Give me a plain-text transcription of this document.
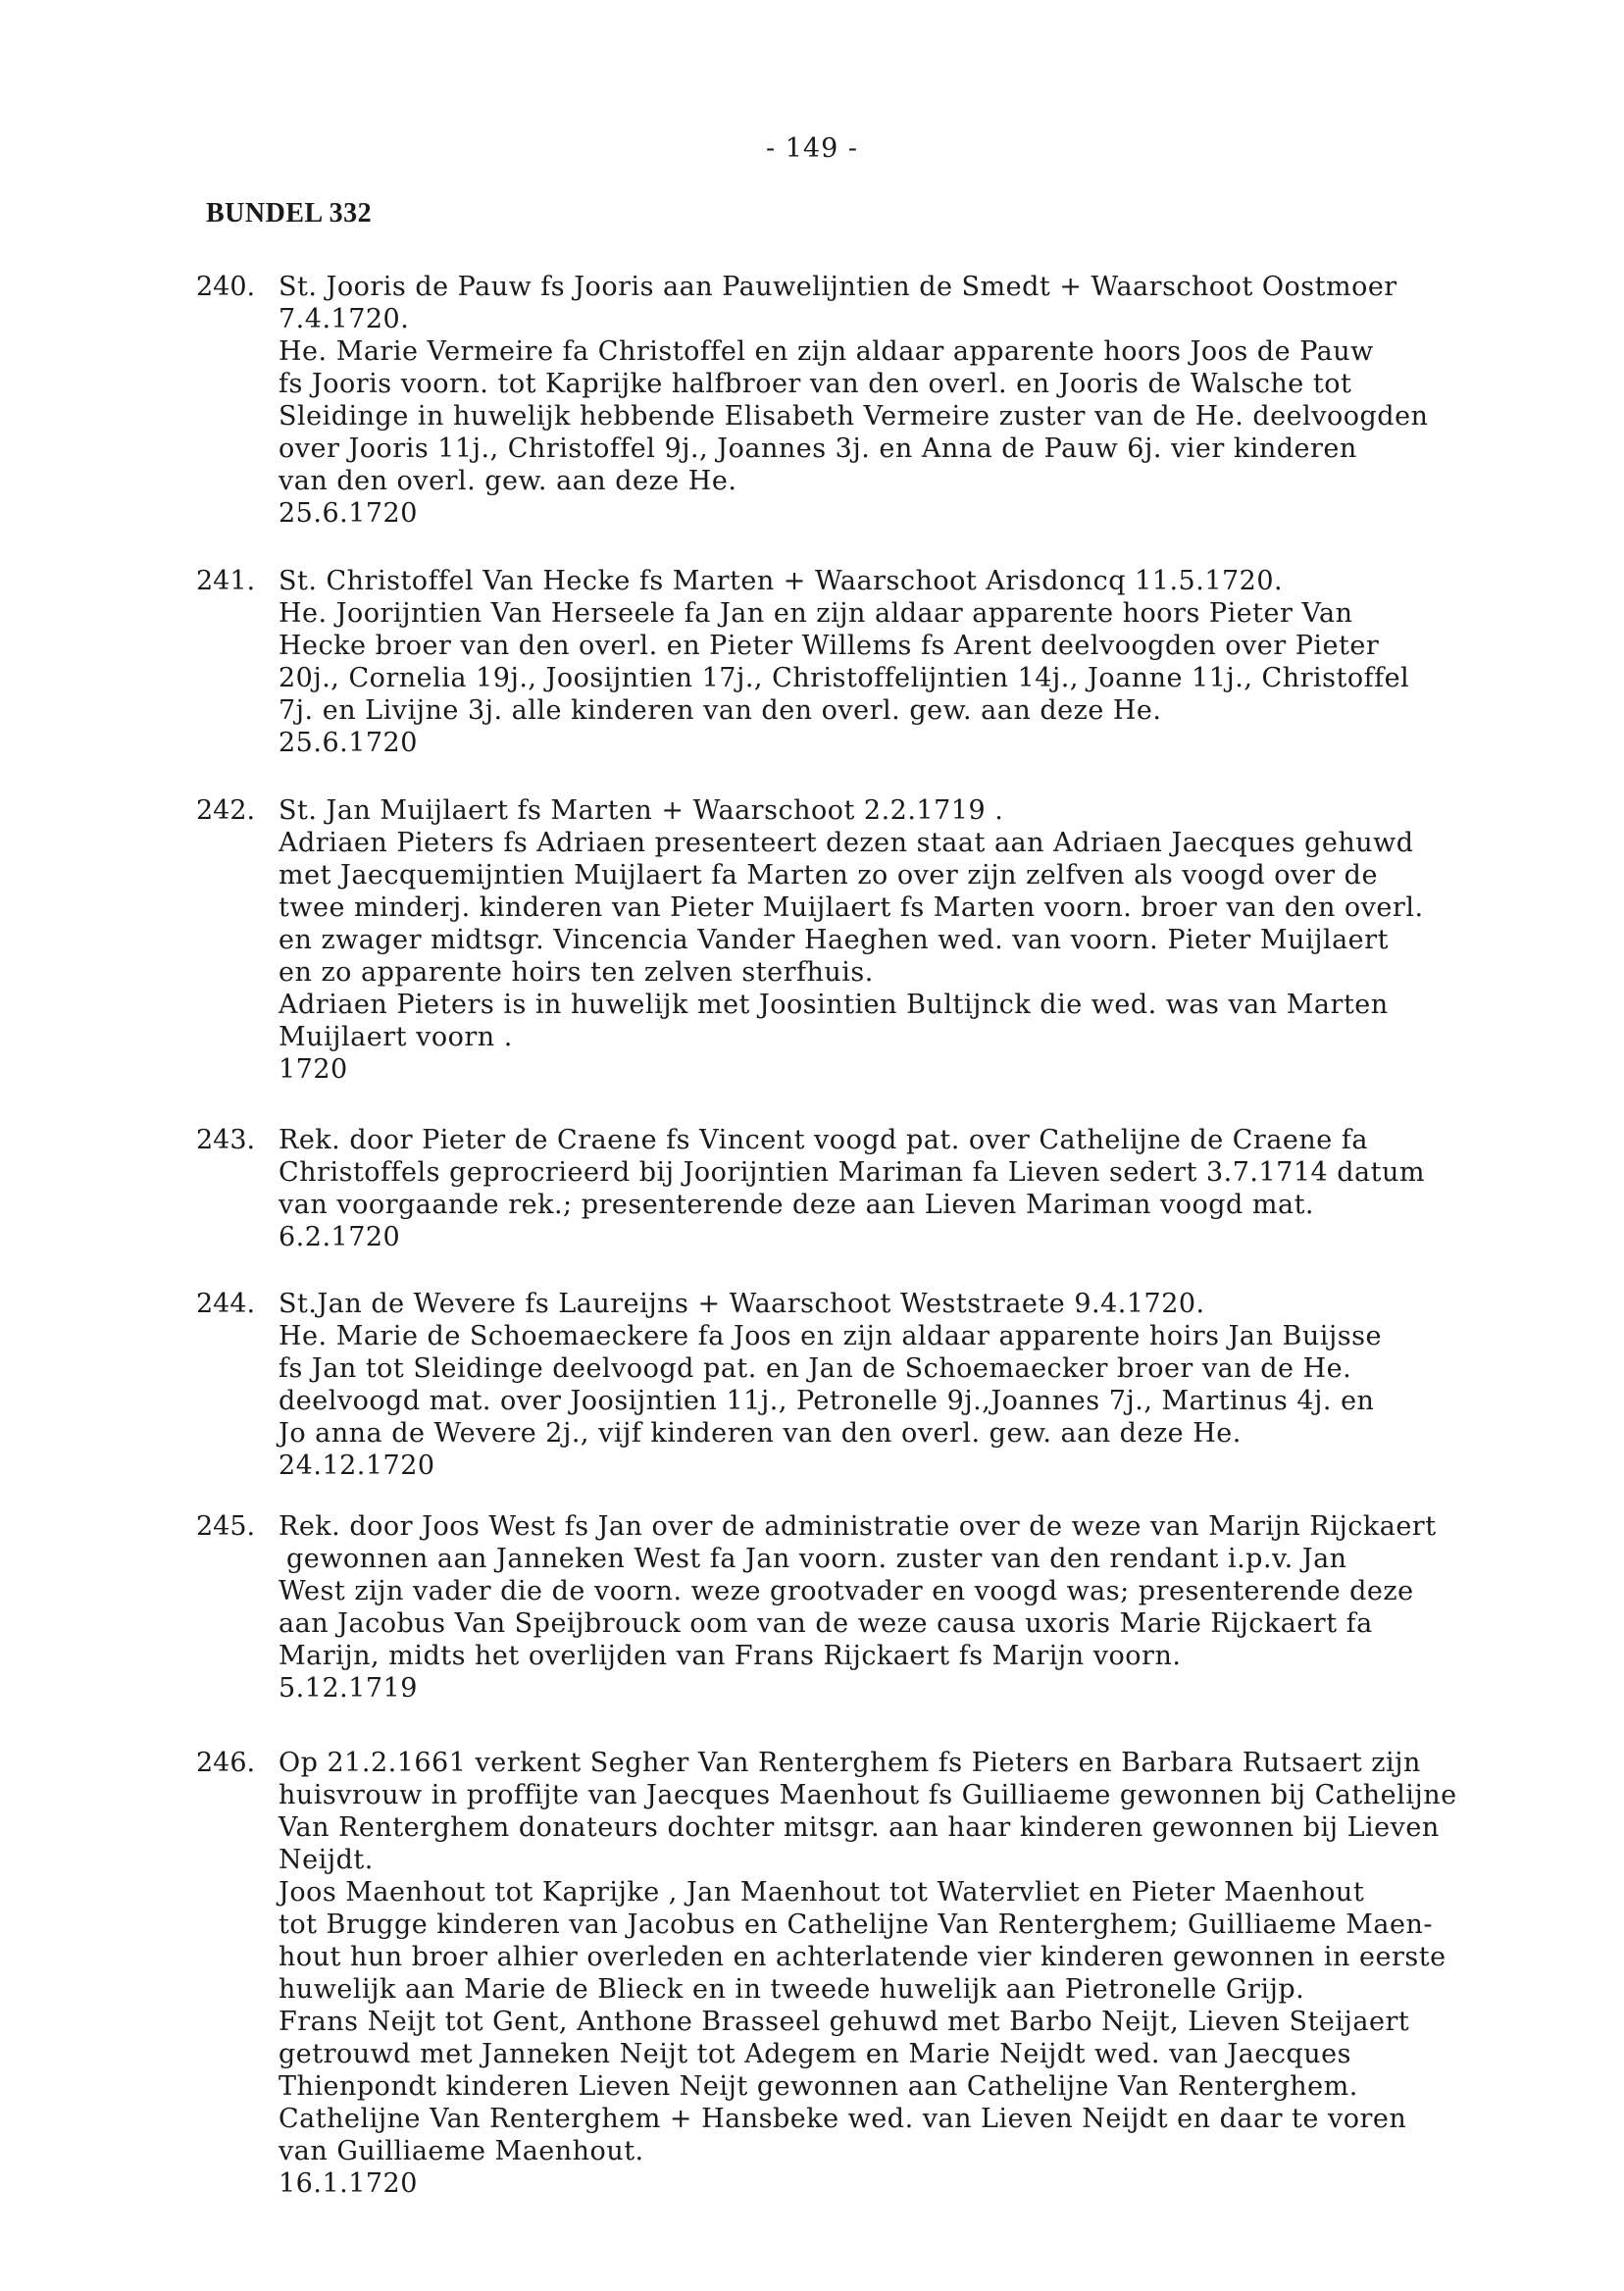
- 149 -
BUNDEL 332
240. St. Jooris de Pauw fs Jooris aan Pauwelijntien de Smedt + Waarschoot Oostmoer
7.4.1720.
He. Marie Vermeire fa Christoffel en zijn aldaar apparente hoors Joos de Pauw
fs Jooris voorn. tot Kaprijke halfbroer van den overl. en Jooris de Walsche tot
Sleidinge in huwelijk hebbende Elisabeth Vermeire zuster van de He. deelvoogden
over Jooris 11j., Christoffel 9j., Joannes 3j. en Anna de Pauw 6j. vier kinderen
van den overl. gew. aan deze He.
25.6.1720
241. St. Christoffel Van Hecke fs Marten + Waarschoot Arisdoncq 11.5.1720.
He. Joorijntien Van Herseele fa Jan en zijn aldaar apparente hoors Pieter Van
Hecke broer van den overl. en Pieter Willems fs Arent deelvoogden over Pieter
20j., Cornelia 19j., Joosijntien 17j., Christoffelijntien 14j., Joanne 11j., Christoffel
7j. en Livijne 3j. alle kinderen van den overl. gew. aan deze He.
25.6.1720
242. St. Jan Muijlaert fs Marten + Waarschoot 2.2.1719 .
Adriaen Pieters fs Adriaen presenteert dezen staat aan Adriaen Jaecques gehuwd
met Jaecquemijntien Muijlaert fa Marten zo over zijn zelfven als voogd over de
twee minderj. kinderen van Pieter Muijlaert fs Marten voorn. broer van den overl.
en zwager midtsgr. Vincencia Vander Haeghen wed. van voorn. Pieter Muijlaert
en zo apparente hoirs ten zelven sterfhuis.
Adriaen Pieters is in huwelijk met Joosintien Bultijnck die wed. was van Marten
Muijlaert voorn .
1720
243. Rek. door Pieter de Craene fs Vincent voogd pat. over Cathelijne de Craene fa
Christoffels geprocrieerd bij Joorijntien Mariman fa Lieven sedert 3.7.1714 datum
van voorgaande rek.; presenterende deze aan Lieven Mariman voogd mat.
6.2.1720
244. St.Jan de Wevere fs Laureijns + Waarschoot Weststraete 9.4.1720.
He. Marie de Schoemaeckere fa Joos en zijn aldaar apparente hoirs Jan Buijsse
fs Jan tot Sleidinge deelvoogd pat. en Jan de Schoemaecker broer van de He.
deelvoogd mat. over Joosijntien 11j., Petronelle 9j.,Joannes 7j., Martinus 4j. en
Jo anna de Wevere 2j., vijf kinderen van den overl. gew. aan deze He.
24.12.1720
245. Rek. door Joos West fs Jan over de administratie over de weze van Marijn Rijckaert
gewonnen aan Janneken West fa Jan voorn. zuster van den rendant i.p.v. Jan
West zijn vader die de voorn. weze grootvader en voogd was; presenterende deze
aan Jacobus Van Speijbrouck oom van de weze causa uxoris Marie Rijckaert fa
Marijn, midts het overlijden van Frans Rijckaert fs Marijn voorn.
5.12.1719
246. Op 21.2.1661 verkent Segher Van Renterghem fs Pieters en Barbara Rutsaert zijn
huisvrouw in proffijte van Jaecques Maenhout fs Guilliaeme gewonnen bij Cathelijne
Van Renterghem donateurs dochter mitsgr. aan haar kinderen gewonnen bij Lieven
Neijdt.
Joos Maenhout tot Kaprijke , Jan Maenhout tot Watervliet en Pieter Maenhout
tot Brugge kinderen van Jacobus en Cathelijne Van Renterghem; Guilliaeme Maen-
hout hun broer alhier overleden en achterlatende vier kinderen gewonnen in eerste
huwelijk aan Marie de Blieck en in tweede huwelijk aan Pietronelle Grijp.
Frans Neijt tot Gent, Anthone Brasseel gehuwd met Barbo Neijt, Lieven Steijaert
getrouwd met Janneken Neijt tot Adegem en Marie Neijdt wed. van Jaecques
Thienpondt kinderen Lieven Neijt gewonnen aan Cathelijne Van Renterghem.
Cathelijne Van Renterghem + Hansbeke wed. van Lieven Neijdt en daar te voren
van Guilliaeme Maenhout.
16.1.1720
